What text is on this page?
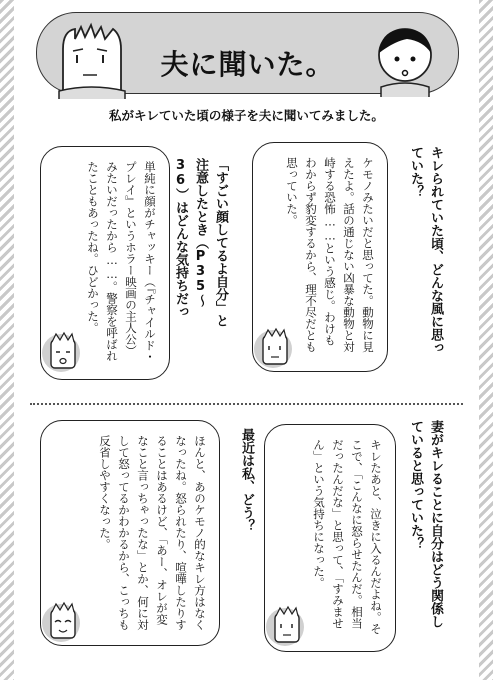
夫に聞いた。
私がキレていた頃の様子を夫に聞いてみました。
キレられていた頃、どんな風に思っていた？
ケモノみたいだと思ってた。動物に見えたよ。話の通じない凶暴な動物と対峙する恐怖……という感じ。わけもわからず豹変するから、理不尽だとも思っていた。
「すごい顔してるよ自分」と注意したとき（P35〜36）はどんな気持ちだっ
単純に顔がチャッキー（『チャイルド・プレイ』というホラー映画の主人公）みたいだったから……。警察を呼ばれたこともあったね。ひどかった。
妻がキレることに自分はどう関係していると思っていた？
キレたあと、泣きに入るんだよね。そこで、「こんなに怒らせたんだ。相当だったんだな」と思って、「すみません」という気持ちになった。
最近は私、どう？
ほんと、あのケモノ的なキレ方はなくなったね。怒られたり、喧嘩したりすることはあるけど、「あー、オレが変なこと言っちゃったな」とか、何に対して怒ってるかわかるから、こっちも反省しやすくなった。
